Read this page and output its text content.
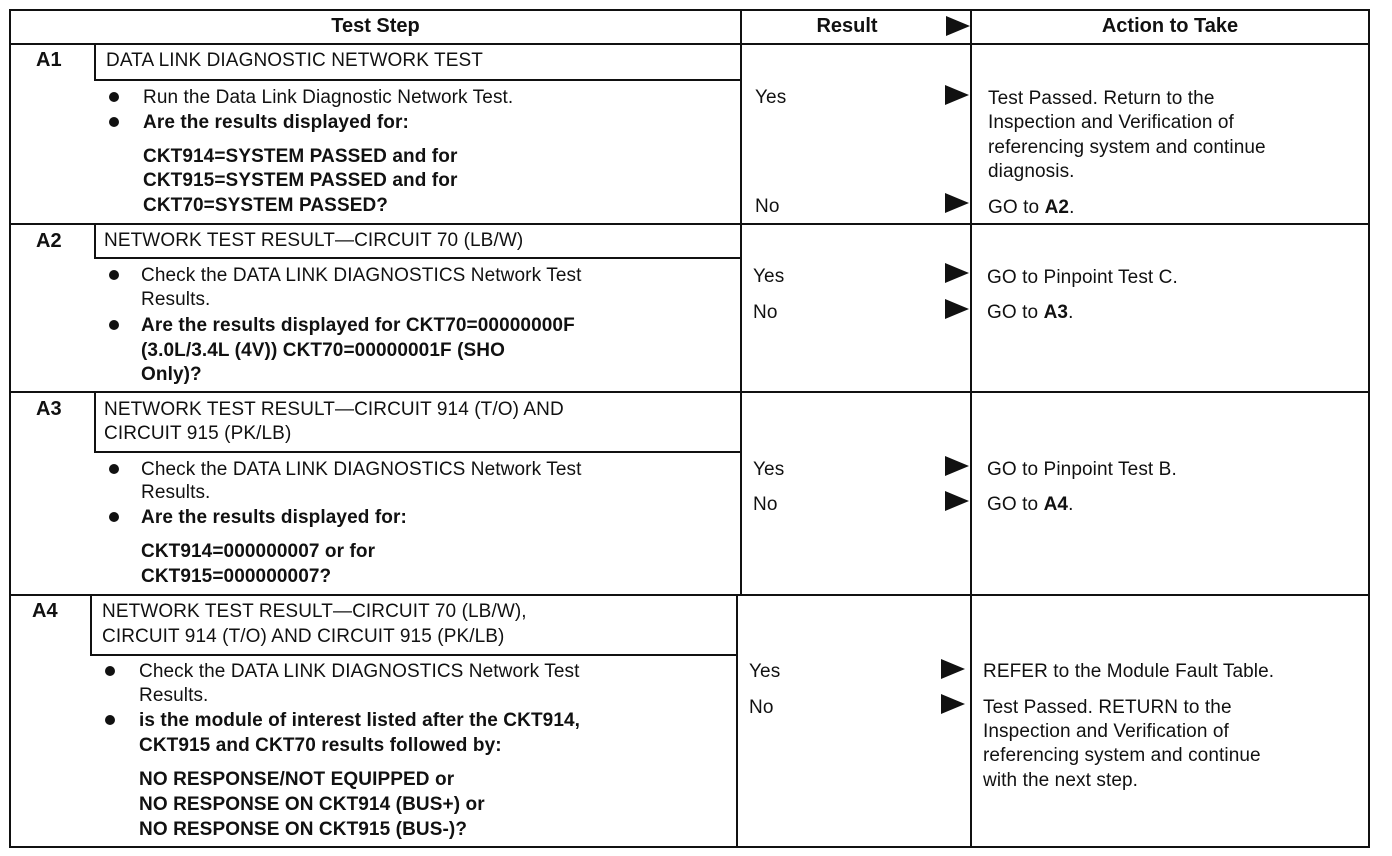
Test Step	Result	Action to Take
A1 DATA LINK DIAGNOSTIC NETWORK TEST
Run the Data Link Diagnostic Network Test.
Are the results displayed for:
CKT914=SYSTEM PASSED and for
CKT915=SYSTEM PASSED and for
CKT70=SYSTEM PASSED?
Yes
No
Test Passed. Return to the
Inspection and Verification of
referencing system and continue
diagnosis.
GO to A2.
A2 NETWORK TEST RESULT—CIRCUIT 70 (LB/W)
Check the DATA LINK DIAGNOSTICS Network Test
Results.
Are the results displayed for CKT70=00000000F
(3.0L/3.4L (4V)) CKT70=00000001F (SHO
Only)?
Yes
No
GO to Pinpoint Test C.
GO to A3.
A3 NETWORK TEST RESULT—CIRCUIT 914 (T/O) AND
CIRCUIT 915 (PK/LB)
Check the DATA LINK DIAGNOSTICS Network Test
Results.
Are the results displayed for:
CKT914=000000007 or for
CKT915=000000007?
Yes
No
GO to Pinpoint Test B.
GO to A4.
A4 NETWORK TEST RESULT—CIRCUIT 70 (LB/W),
CIRCUIT 914 (T/O) AND CIRCUIT 915 (PK/LB)
Check the DATA LINK DIAGNOSTICS Network Test
Results.
is the module of interest listed after the CKT914,
CKT915 and CKT70 results followed by:
NO RESPONSE/NOT EQUIPPED or
NO RESPONSE ON CKT914 (BUS+) or
NO RESPONSE ON CKT915 (BUS-)?
Yes
No
REFER to the Module Fault Table.
Test Passed. RETURN to the
Inspection and Verification of
referencing system and continue
with the next step.
